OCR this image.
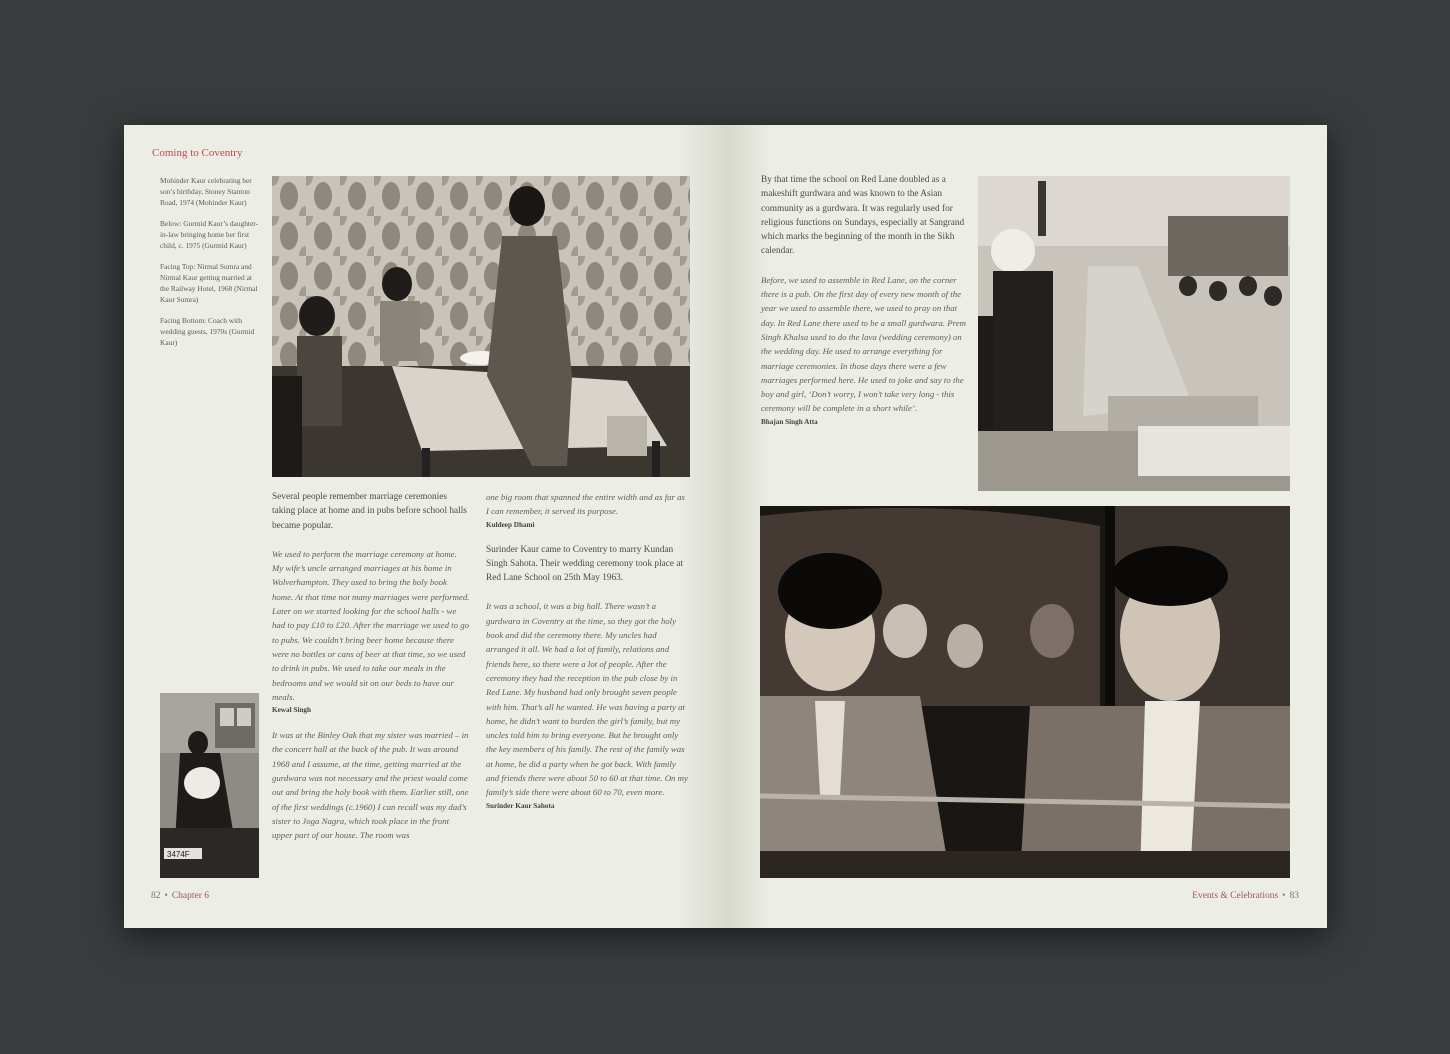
Coming to Coventry

Mohinder Kaur celebrating her son’s birthday, Stoney Stanton Road, 1974 (Mohinder Kaur)

Below: Gurmid Kaur’s daughter-in-law bringing home her first child, c. 1975 (Gurmid Kaur)

Facing Top: Nirmal Sumra and Nirmal Kaur getting married at the Railway Hotel, 1968 (Nirmal Kaur Sumra)

Facing Bottom: Coach with wedding guests, 1970s (Gurmid Kaur)

3474F

Several people remember marriage ceremonies taking place at home and in pubs before school halls became popular.

We used to perform the marriage ceremony at home. My wife’s uncle arranged marriages at his home in Wolverhampton. They used to bring the holy book home. At that time not many marriages were performed. Later on we started looking for the school halls - we had to pay £10 to £20. After the marriage we used to go to pubs. We couldn’t bring beer home because there were no bottles or cans of beer at that time, so we used to drink in pubs. We used to take our meals in the bedrooms and we would sit on our beds to have our meals.

Kewal Singh

It was at the Binley Oak that my sister was married – in the concert hall at the back of the pub. It was around 1968 and I assume, at the time, getting married at the gurdwara was not necessary and the priest would come out and bring the holy book with them. Earlier still, one of the first weddings (c.1960) I can recall was my dad’s sister to Joga Nagra, which took place in the front upper part of our house. The room was

one big room that spanned the entire width and as far as I can remember, it served its purpose.

Kuldeep Dhami

Surinder Kaur came to Coventry to marry Kundan Singh Sahota. Their wedding ceremony took place at Red Lane School on 25th May 1963.

It was a school, it was a big hall. There wasn’t a gurdwara in Coventry at the time, so they got the holy book and did the ceremony there. My uncles had arranged it all. We had a lot of family, relations and friends here, so there were a lot of people. After the ceremony they had the reception in the pub close by in Red Lane. My husband had only brought seven people with him. That’s all he wanted. He was having a party at home, he didn’t want to burden the girl’s family, but my uncles told him to bring everyone. But he brought only the key members of his family. The rest of the family was at home, he did a party when he got back. With family and friends there were about 50 to 60 at that time. On my family’s side there were about 60 to 70, even more.

Surinder Kaur Sahota

82 • Chapter 6

By that time the school on Red Lane doubled as a makeshift gurdwara and was known to the Asian community as a gurdwara. It was regularly used for religious functions on Sundays, especially at Sangrand which marks the beginning of the month in the Sikh calendar.

Before, we used to assemble in Red Lane, on the corner there is a pub. On the first day of every new month of the year we used to assemble there, we used to pray on that day. In Red Lane there used to be a small gurdwara. Prem Singh Khalsa used to do the lava (wedding ceremony) on the wedding day. He used to arrange everything for marriage ceremonies. In those days there were a few marriages performed here. He used to joke and say to the boy and girl, ‘Don’t worry, I won’t take very long - this ceremony will be complete in a short while’.

Bhajan Singh Atta

Events & Celebrations • 83
